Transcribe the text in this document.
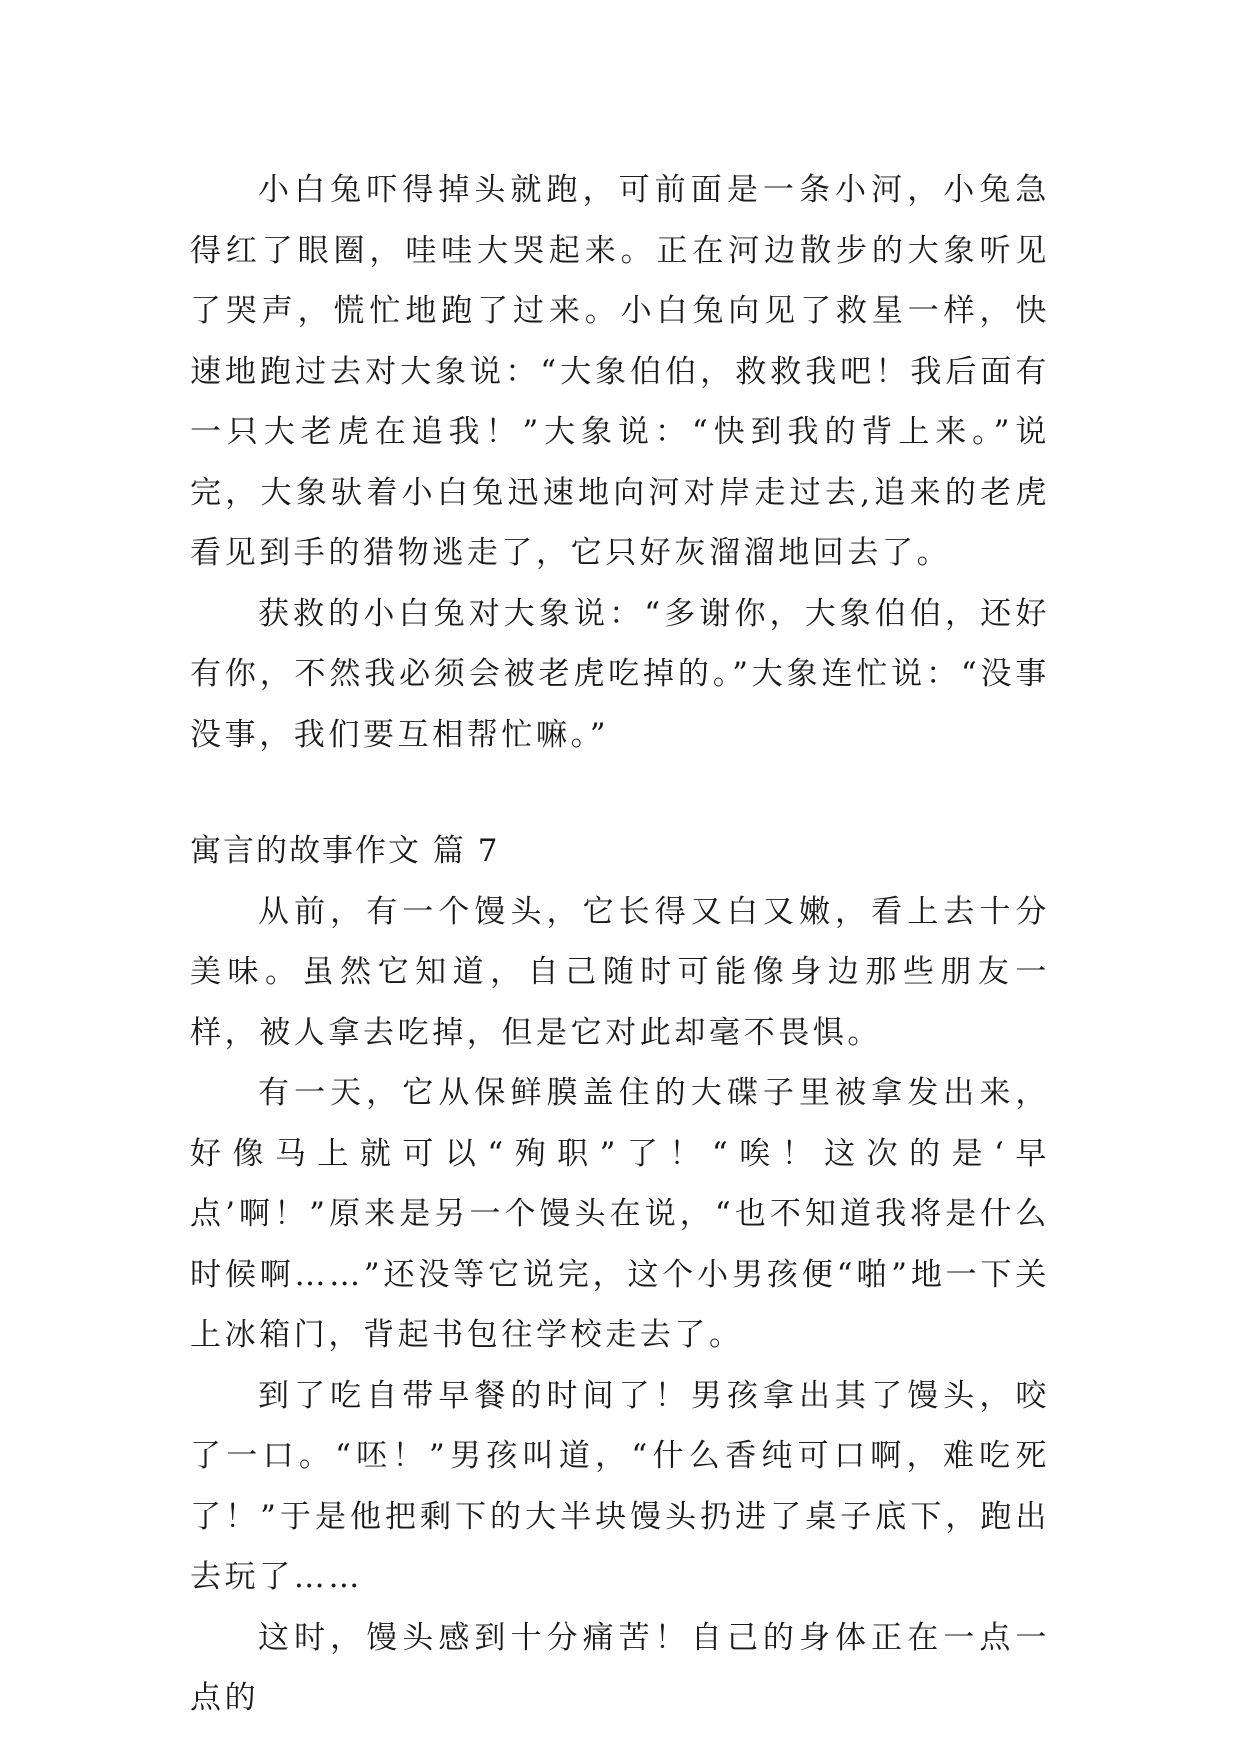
小白兔吓得掉头就跑，可前面是一条小河，小兔急得红了眼圈，哇哇大哭起来。正在河边散步的大象听见了哭声，慌忙地跑了过来。小白兔向见了救星一样，快速地跑过去对大象说：“大象伯伯，救救我吧！我后面有一只大老虎在追我！”大象说：“快到我的背上来。”说完，大象驮着小白兔迅速地向河对岸走过去,追来的老虎看见到手的猎物逃走了，它只好灰溜溜地回去了。

获救的小白兔对大象说：“多谢你，大象伯伯，还好有你，不然我必须会被老虎吃掉的。”大象连忙说：“没事没事，我们要互相帮忙嘛。”

寓言的故事作文 篇 7

从前，有一个馒头，它长得又白又嫩，看上去十分美味。虽然它知道，自己随时可能像身边那些朋友一样，被人拿去吃掉，但是它对此却毫不畏惧。

有一天，它从保鲜膜盖住的大碟子里被拿发出来，好像马上就可以“殉职”了！“唉！这次的是‘早点’啊！”原来是另一个馒头在说，“也不知道我将是什么时候啊……”还没等它说完，这个小男孩便“啪”地一下关上冰箱门，背起书包往学校走去了。

到了吃自带早餐的时间了！男孩拿出其了馒头，咬了一口。“呸！”男孩叫道，“什么香纯可口啊，难吃死了！”于是他把剩下的大半块馒头扔进了桌子底下，跑出去玩了……

这时，馒头感到十分痛苦！自己的身体正在一点一点的
